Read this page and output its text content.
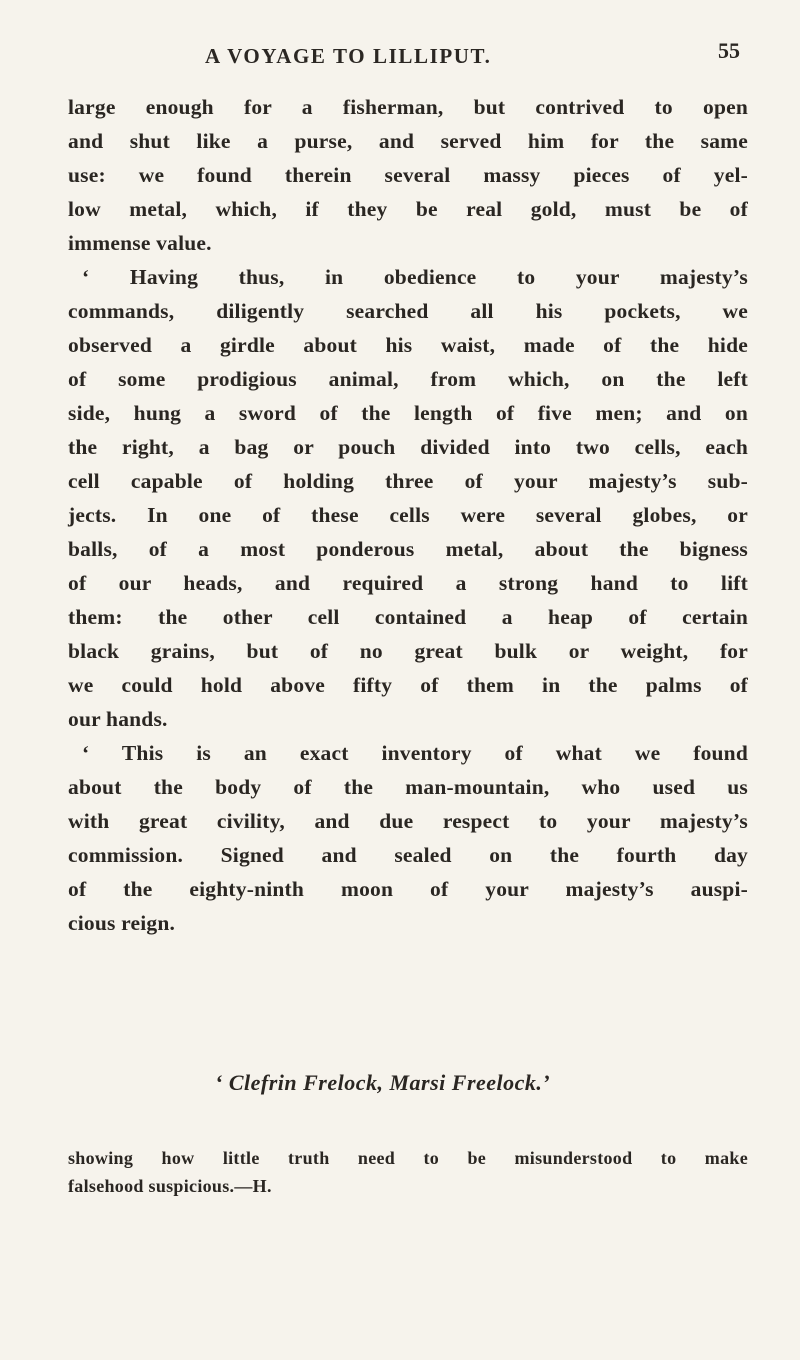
A VOYAGE TO LILLIPUT.	55
large enough for a fisherman, but contrived to open
and shut like a purse, and served him for the same
use: we found therein several massy pieces of yel-
low metal, which, if they be real gold, must be of
immense value.
‘ Having thus, in obedience to your majesty’s
commands, diligently searched all his pockets, we
observed a girdle about his waist, made of the hide
of some prodigious animal, from which, on the left
side, hung a sword of the length of five men; and on
the right, a bag or pouch divided into two cells, each
cell capable of holding three of your majesty’s sub-
jects. In one of these cells were several globes, or
balls, of a most ponderous metal, about the bigness
of our heads, and required a strong hand to lift
them: the other cell contained a heap of certain
black grains, but of no great bulk or weight, for
we could hold above fifty of them in the palms of
our hands.
‘ This is an exact inventory of what we found
about the body of the man-mountain, who used us
with great civility, and due respect to your majesty’s
commission. Signed and sealed on the fourth day
of the eighty-ninth moon of your majesty’s auspi-
cious reign.
‘ Clefrin Frelock, Marsi Freelock.’
showing how little truth need to be misunderstood to make
falsehood suspicious.—H.
